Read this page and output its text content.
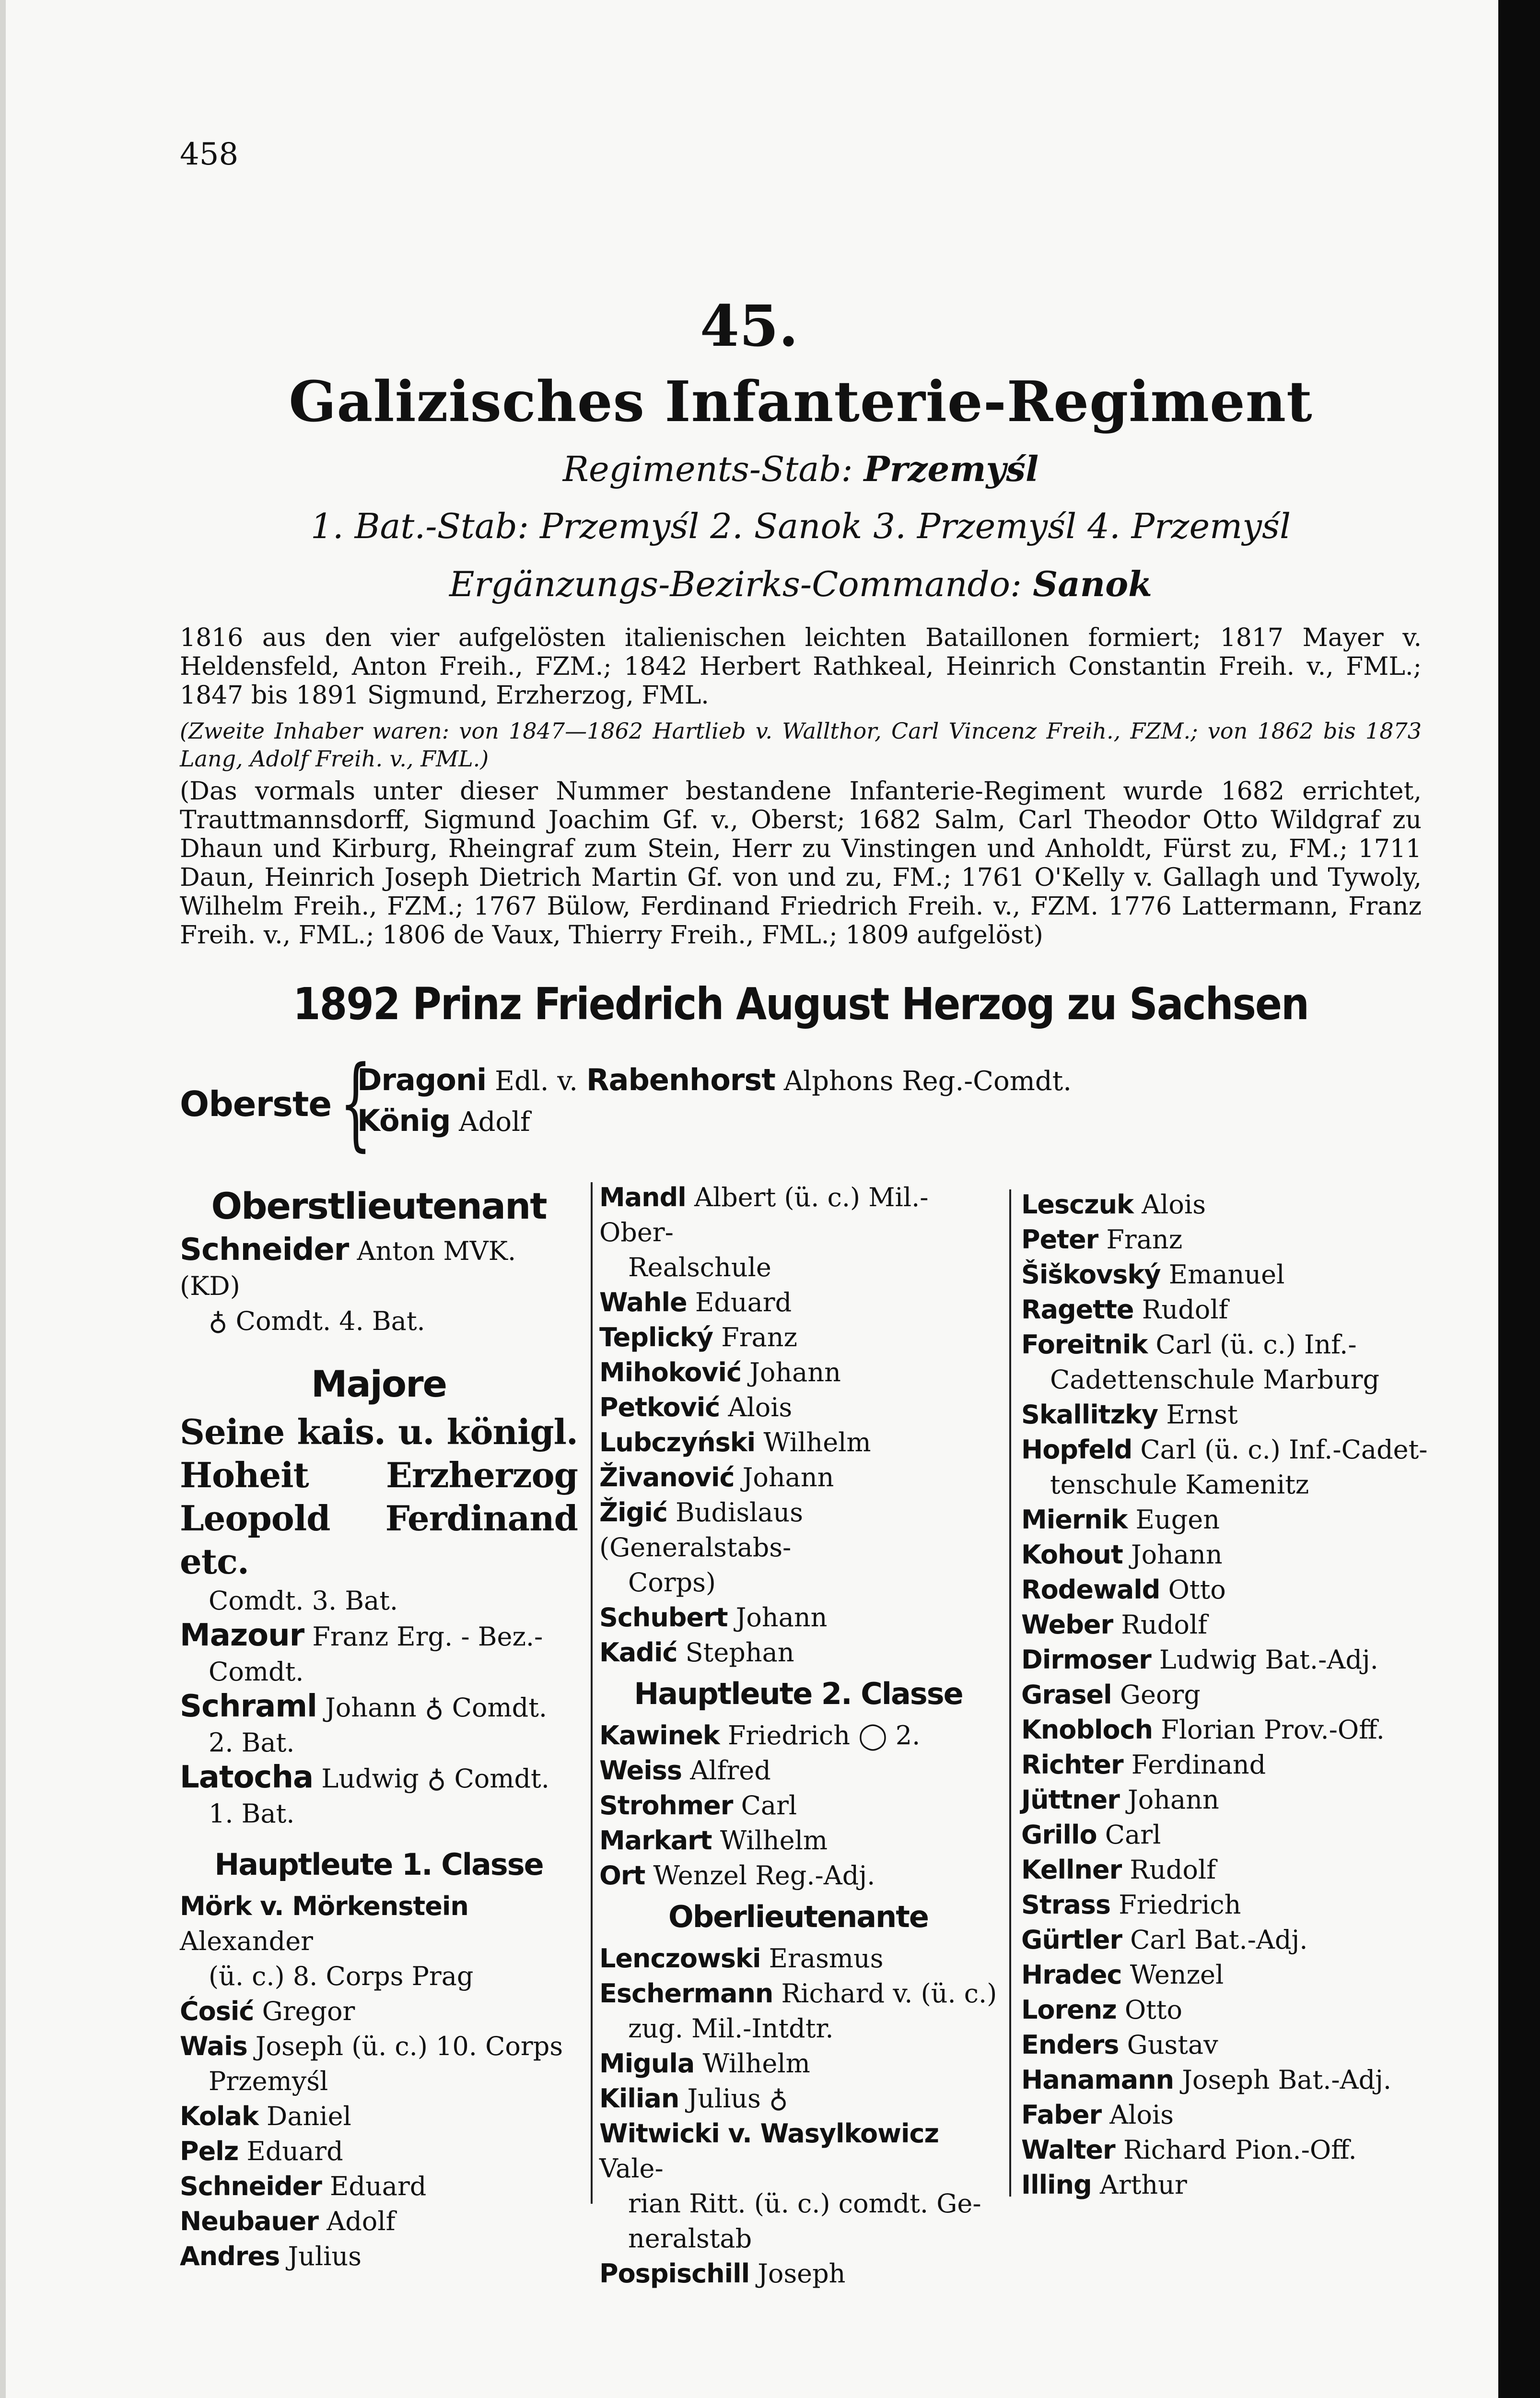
458
45.
Galizisches Infanterie-Regiment
Regiments-Stab: Przemyśl
1. Bat.-Stab: Przemyśl 2. Sanok 3. Przemyśl 4. Przemyśl
Ergänzungs-Bezirks-Commando: Sanok
1816 aus den vier aufgelösten italienischen leichten Bataillonen formiert; 1817 Mayer v. Heldensfeld, Anton Freih., FZM.; 1842 Herbert Rathkeal, Heinrich Constantin Freih. v., FML.; 1847 bis 1891 Sigmund, Erzherzog, FML.
(Zweite Inhaber waren: von 1847—1862 Hartlieb v. Wallthor, Carl Vincenz Freih., FZM.; von 1862 bis 1873 Lang, Adolf Freih. v., FML.)
(Das vormals unter dieser Nummer bestandene Infanterie-Regiment wurde 1682 errichtet, Trauttmannsdorff, Sigmund Joachim Gf. v., Oberst; 1682 Salm, Carl Theodor Otto Wildgraf zu Dhaun und Kirburg, Rheingraf zum Stein, Herr zu Vinstingen und Anholdt, Fürst zu, FM.; 1711 Daun, Heinrich Joseph Dietrich Martin Gf. von und zu, FM.; 1761 O'Kelly v. Gallagh und Tywoly, Wilhelm Freih., FZM.; 1767 Bülow, Ferdinand Friedrich Freih. v., FZM. 1776 Lattermann, Franz Freih. v., FML.; 1806 de Vaux, Thierry Freih., FML.; 1809 aufgelöst)
1892 Prinz Friedrich August Herzog zu Sachsen
Oberste {
Dragoni Edl. v. Rabenhorst Alphons Reg.-Comdt.
König Adolf
Oberstlieutenant
Schneider Anton MVK. (KD)
♁ Comdt. 4. Bat.
Majore
Seine kais. u. königl. Hoheit Erzherzog Leopold Ferdinand etc.
Comdt. 3. Bat.
Mazour Franz Erg. - Bez.-
Comdt.
Schraml Johann ♁ Comdt.
2. Bat.
Latocha Ludwig ♁ Comdt.
1. Bat.
Hauptleute 1. Classe
Mörk v. Mörkenstein Alexander
(ü. c.) 8. Corps Prag
Ćosić Gregor
Wais Joseph (ü. c.) 10. Corps
Przemyśl
Kolak Daniel
Pelz Eduard
Schneider Eduard
Neubauer Adolf
Andres Julius
Mandl Albert (ü. c.) Mil.-Ober-
Realschule
Wahle Eduard
Teplický Franz
Mihoković Johann
Petković Alois
Lubczyński Wilhelm
Živanović Johann
Žigić Budislaus (Generalstabs-
Corps)
Schubert Johann
Kadić Stephan
Hauptleute 2. Classe
Kawinek Friedrich ◯ 2.
Weiss Alfred
Strohmer Carl
Markart Wilhelm
Ort Wenzel Reg.-Adj.
Oberlieutenante
Lenczowski Erasmus
Eschermann Richard v. (ü. c.)
zug. Mil.-Intdtr.
Migula Wilhelm
Kilian Julius ♁
Witwicki v. Wasylkowicz Vale-
rian Ritt. (ü. c.) comdt. Ge-
neralstab
Pospischill Joseph
Lesczuk Alois
Peter Franz
Šiškovský Emanuel
Ragette Rudolf
Foreitnik Carl (ü. c.) Inf.-
Cadettenschule Marburg
Skallitzky Ernst
Hopfeld Carl (ü. c.) Inf.-Cadet-
tenschule Kamenitz
Miernik Eugen
Kohout Johann
Rodewald Otto
Weber Rudolf
Dirmoser Ludwig Bat.-Adj.
Grasel Georg
Knobloch Florian Prov.-Off.
Richter Ferdinand
Jüttner Johann
Grillo Carl
Kellner Rudolf
Strass Friedrich
Gürtler Carl Bat.-Adj.
Hradec Wenzel
Lorenz Otto
Enders Gustav
Hanamann Joseph Bat.-Adj.
Faber Alois
Walter Richard Pion.-Off.
Illing Arthur
